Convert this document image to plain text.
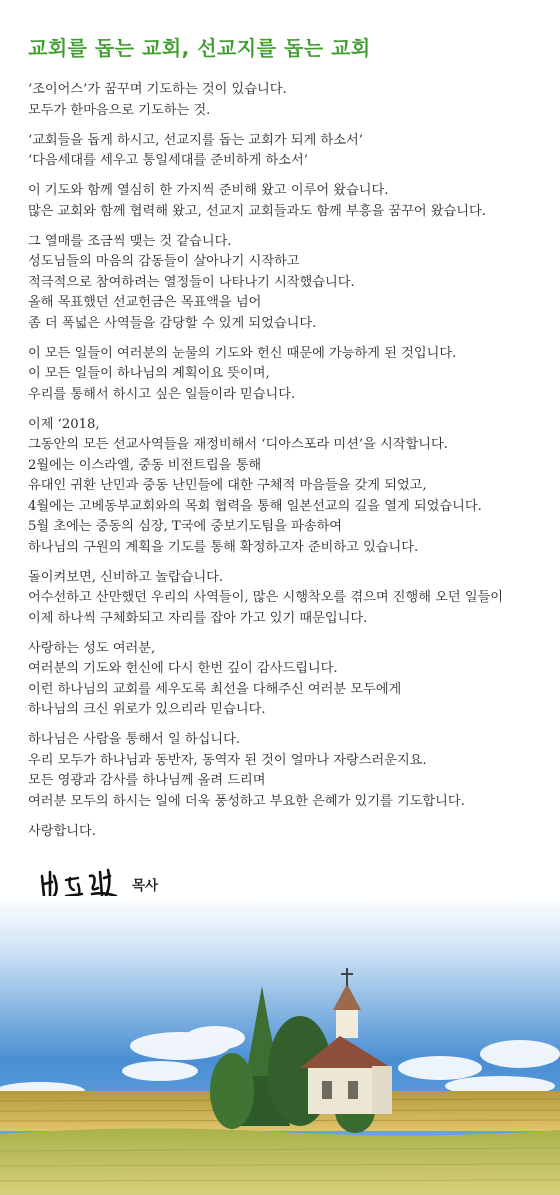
교회를 돕는 교회, 선교지를 돕는 교회
‘조이어스’가 꿈꾸며 기도하는 것이 있습니다.
모두가 한마음으로 기도하는 것.
‘교회들을 돕게 하시고, 선교지를 돕는 교회가 되게 하소서’
‘다음세대를 세우고 통일세대를 준비하게 하소서’
이 기도와 함께 열심히 한 가지씩 준비해 왔고 이루어 왔습니다.
많은 교회와 함께 협력해 왔고, 선교지 교회들과도 함께 부흥을 꿈꾸어 왔습니다.
그 열매를 조금씩 맺는 것 같습니다.
성도님들의 마음의 감동들이 살아나기 시작하고
적극적으로 참여하려는 열정들이 나타나기 시작했습니다.
올해 목표했던 선교헌금은 목표액을 넘어
좀 더 폭넓은 사역들을 감당할 수 있게 되었습니다.
이 모든 일들이 여러분의 눈물의 기도와 헌신 때문에 가능하게 된 것입니다.
이 모든 일들이 하나님의 계획이요 뜻이며,
우리를 통해서 하시고 싶은 일들이라 믿습니다.
이제 ‘2018,
그동안의 모든 선교사역들을 재정비해서 ‘디아스포라 미션’을 시작합니다.
2월에는 이스라엘, 중동 비전트립을 통해
유대인 귀환 난민과 중동 난민들에 대한 구체적 마음들을 갖게 되었고,
4월에는 고베동부교회와의 목회 협력을 통해 일본선교의 길을 열게 되었습니다.
5월 초에는 중동의 심장, T국에 중보기도팀을 파송하여
하나님의 구원의 계획을 기도를 통해 확정하고자 준비하고 있습니다.
돌이켜보면, 신비하고 놀랍습니다.
어수선하고 산만했던 우리의 사역들이, 많은 시행착오를 겪으며 진행해 오던 일들이
이제 하나씩 구체화되고 자리를 잡아 가고 있기 때문입니다.
사랑하는 성도 여러분,
여러분의 기도와 헌신에 다시 한번 깊이 감사드립니다.
이런 하나님의 교회를 세우도록 최선을 다해주신 여러분 모두에게
하나님의 크신 위로가 있으리라 믿습니다.
하나님은 사람을 통해서 일 하십니다.
우리 모두가 하나님과 동반자, 동역자 된 것이 얼마나 자랑스러운지요.
모든 영광과 감사를 하나님께 올려 드리며
여러분 모두의 하시는 일에 더욱 풍성하고 부요한 은혜가 있기를 기도합니다.
사랑합니다.
목사
